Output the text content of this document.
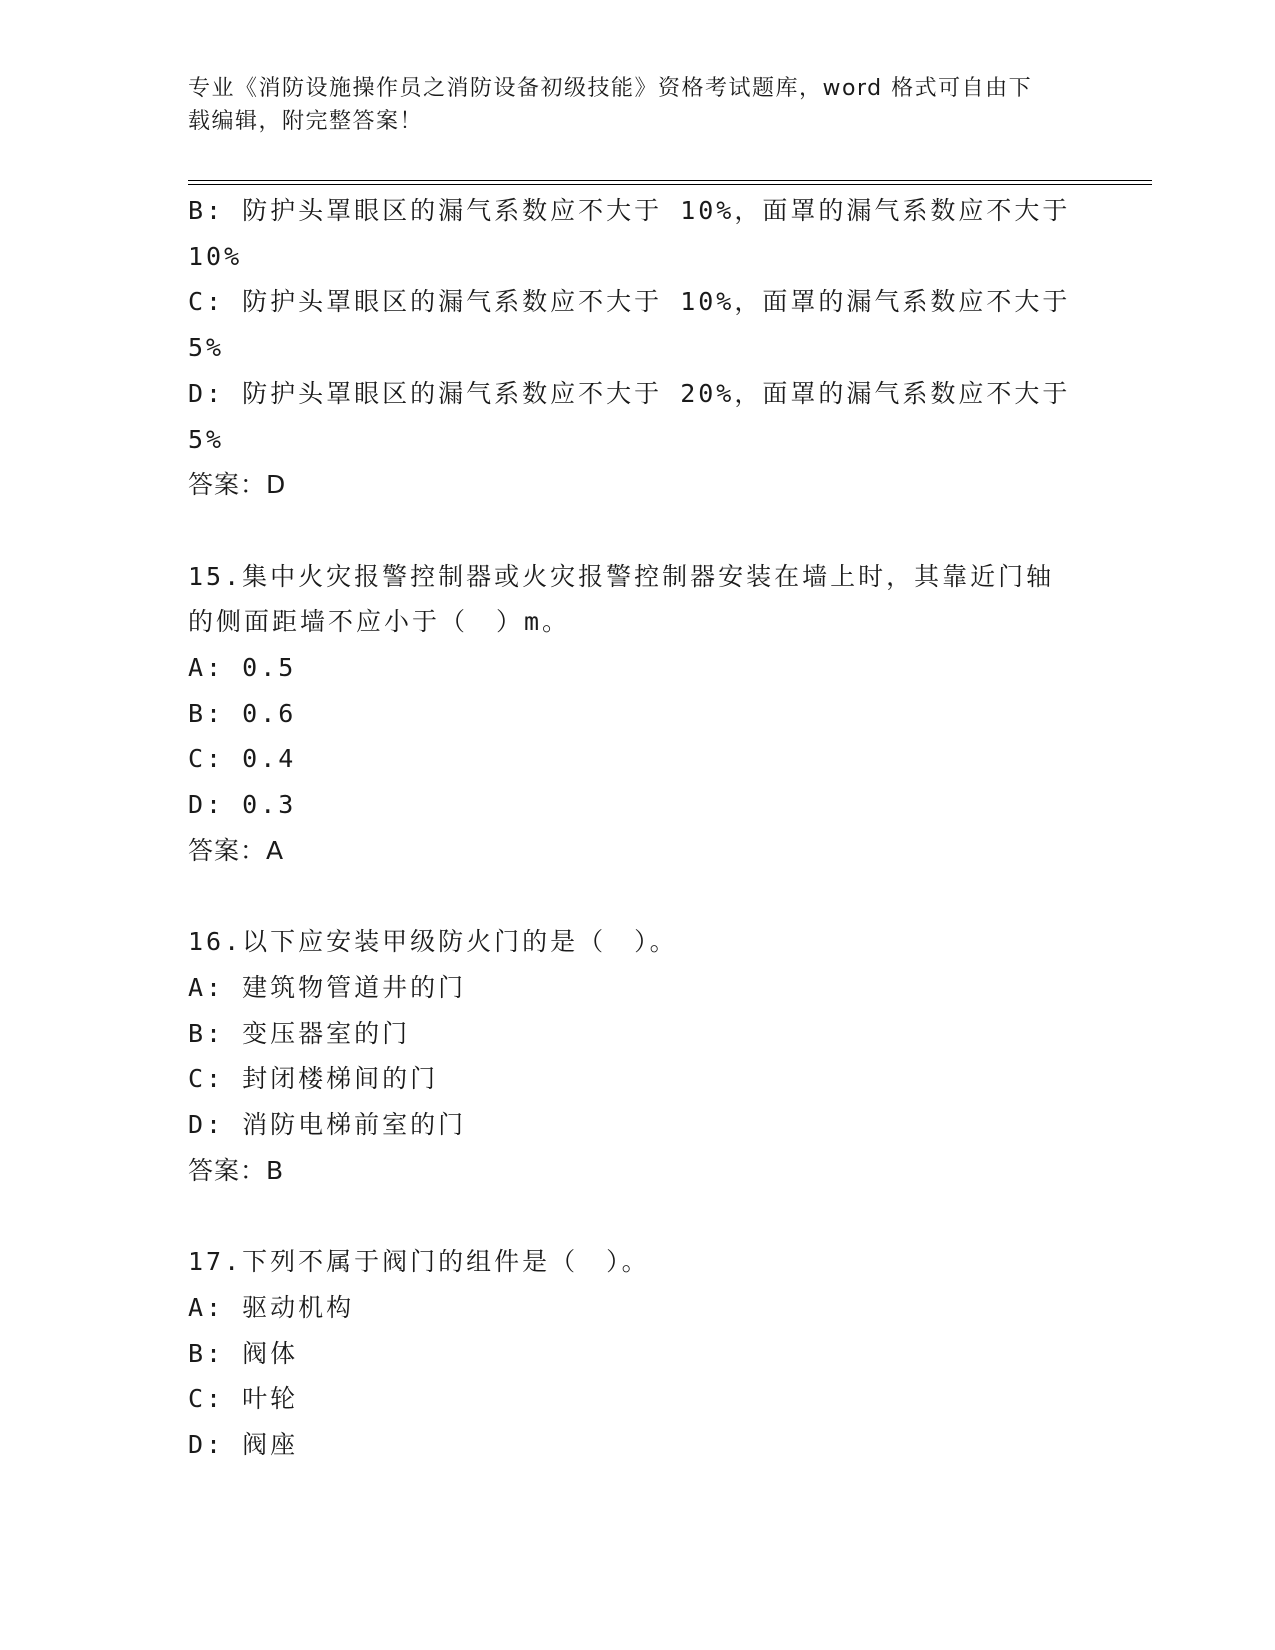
专业《消防设施操作员之消防设备初级技能》资格考试题库，word 格式可自由下
载编辑，附完整答案！
B: 防护头罩眼区的漏气系数应不大于 10%，面罩的漏气系数应不大于
10%
C: 防护头罩眼区的漏气系数应不大于 10%，面罩的漏气系数应不大于
5%
D: 防护头罩眼区的漏气系数应不大于 20%，面罩的漏气系数应不大于
5%
答案：D
15.集中火灾报警控制器或火灾报警控制器安装在墙上时，其靠近门轴
的侧面距墙不应小于（　）m。
A: 0.5
B: 0.6
C: 0.4
D: 0.3
答案：A
16.以下应安装甲级防火门的是（　）。
A: 建筑物管道井的门
B: 变压器室的门
C: 封闭楼梯间的门
D: 消防电梯前室的门
答案：B
17.下列不属于阀门的组件是（　）。
A: 驱动机构
B: 阀体
C: 叶轮
D: 阀座
